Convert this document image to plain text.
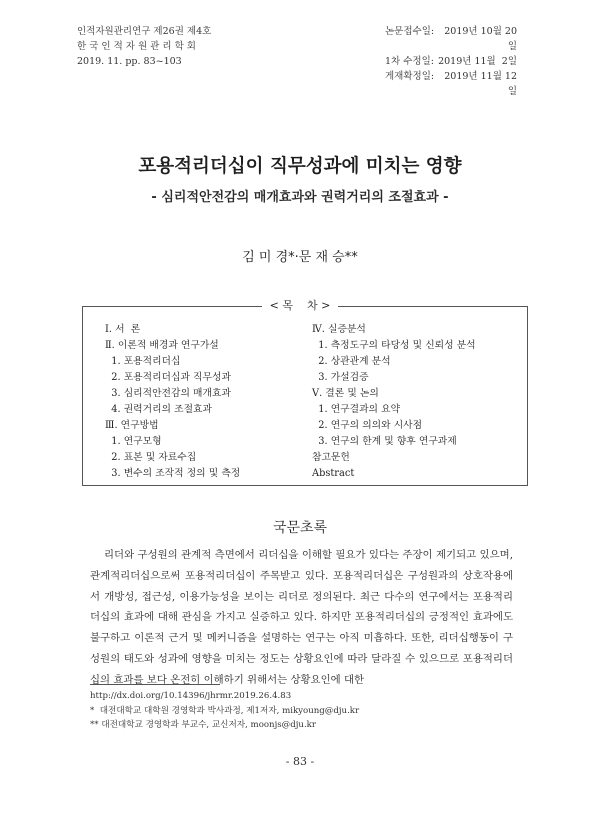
인적자원관리연구 제26권 제4호
한 국 인 적 자 원 관 리 학 회
2019. 11. pp. 83~103
논문접수일:	2019년 10월 20일
1차 수정일: 2019년 11월  2일
게재확정일:	2019년 11월 12일
포용적리더십이 직무성과에 미치는 영향
- 심리적안전감의 매개효과와 권력거리의 조절효과 -
김 미 경*·문 재 승**
< 목    차 >
Ⅰ. 서  론
Ⅱ. 이론적 배경과 연구가설
1. 포용적리더십
2. 포용적리더십과 직무성과
3. 심리적안전감의 매개효과
4. 권력거리의 조절효과
Ⅲ. 연구방법
1. 연구모형
2. 표본 및 자료수집
3. 변수의 조작적 정의 및 측정
Ⅳ. 실증분석
1. 측정도구의 타당성 및 신뢰성 분석
2. 상관관계 분석
3. 가설검증
Ⅴ. 결론 및 논의
1. 연구결과의 요약
2. 연구의 의의와 시사점
3. 연구의 한계 및 향후 연구과제
참고문헌
Abstract
국문초록
리더와 구성원의 관계적 측면에서 리더십을 이해할 필요가 있다는 주장이 제기되고 있으며, 관계적리더십으로써 포용적리더십이 주목받고 있다. 포용적리더십은 구성원과의 상호작용에서 개방성, 접근성, 이용가능성을 보이는 리더로 정의된다. 최근 다수의 연구에서는 포용적리더십의 효과에 대해 관심을 가지고 실증하고 있다. 하지만 포용적리더십의 긍정적인 효과에도 불구하고 이론적 근거 및 메커니즘을 설명하는 연구는 아직 미흡하다. 또한, 리더십행동이 구성원의 태도와 성과에 영향을 미치는 정도는 상황요인에 따라 달라질 수 있으므로 포용적리더십의 효과를 보다 온전히 이해하기 위해서는 상황요인에 대한
http://dx.doi.org/10.14396/jhrmr.2019.26.4.83
*  대전대학교 대학원 경영학과 박사과정, 제1저자, mikyoung@dju.kr
** 대전대학교 경영학과 부교수, 교신저자, moonjs@dju.kr
- 83 -
